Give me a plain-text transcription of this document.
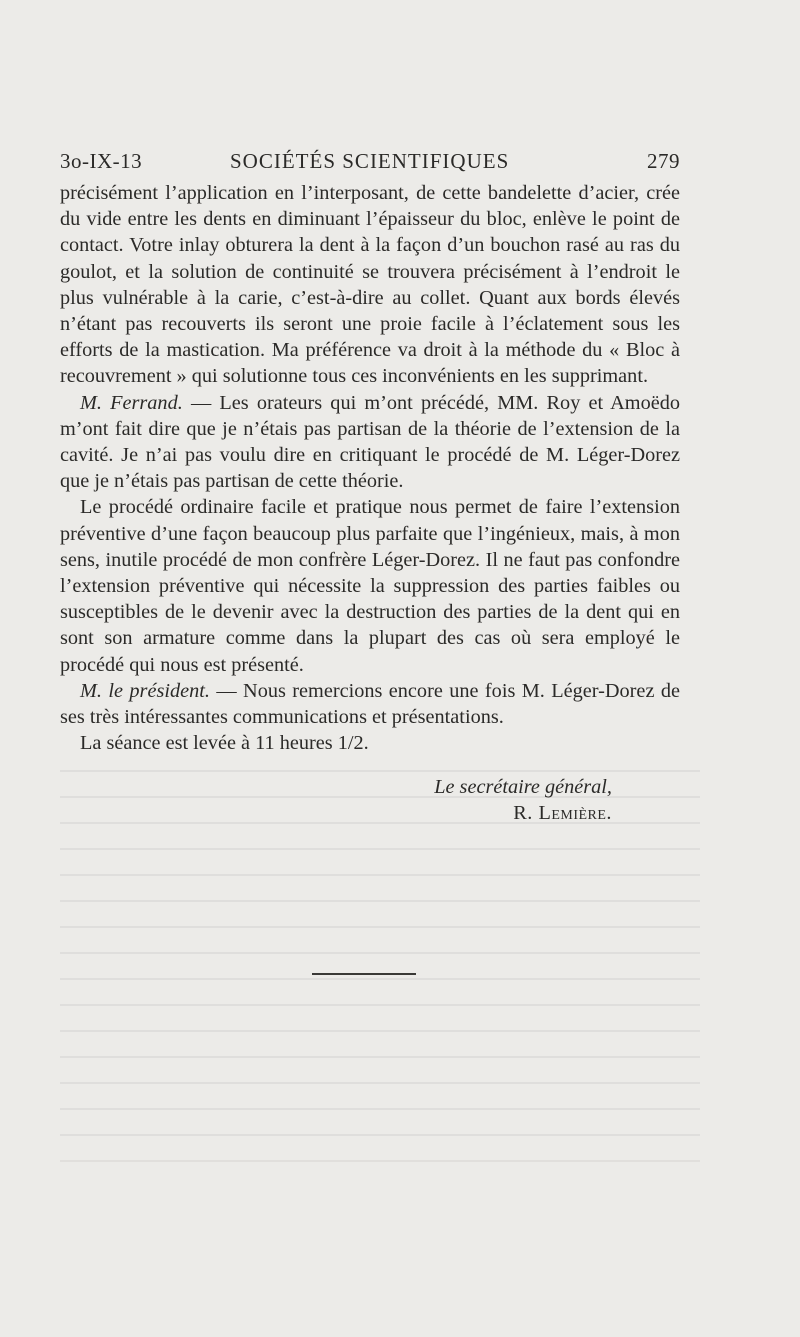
3o-IX-13	SOCIÉTÉS SCIENTIFIQUES	279

précisément l’application en l’interposant, de cette bandelette d’acier, crée du vide entre les dents en diminuant l’épaisseur du bloc, enlève le point de contact. Votre inlay obturera la dent à la façon d’un bouchon rasé au ras du goulot, et la solution de continuité se trouvera précisément à l’endroit le plus vulnérable à la carie, c’est-à-dire au collet. Quant aux bords élevés n’étant pas recouverts ils seront une proie facile à l’éclatement sous les efforts de la mastication. Ma préférence va droit à la méthode du « Bloc à recouvrement » qui solutionne tous ces inconvénients en les supprimant.

M. Ferrand. — Les orateurs qui m’ont précédé, MM. Roy et Amoëdo m’ont fait dire que je n’étais pas partisan de la théorie de l’extension de la cavité. Je n’ai pas voulu dire en critiquant le procédé de M. Léger-Dorez que je n’étais pas partisan de cette théorie.

Le procédé ordinaire facile et pratique nous permet de faire l’extension préventive d’une façon beaucoup plus parfaite que l’ingénieux, mais, à mon sens, inutile procédé de mon confrère Léger-Dorez. Il ne faut pas confondre l’extension préventive qui nécessite la suppression des parties faibles ou susceptibles de le devenir avec la destruction des parties de la dent qui en sont son armature comme dans la plupart des cas où sera employé le procédé qui nous est présenté.

M. le président. — Nous remercions encore une fois M. Léger-Dorez de ses très intéressantes communications et présentations.

La séance est levée à 11 heures 1/2.

Le secrétaire général,
R. Lemière.
